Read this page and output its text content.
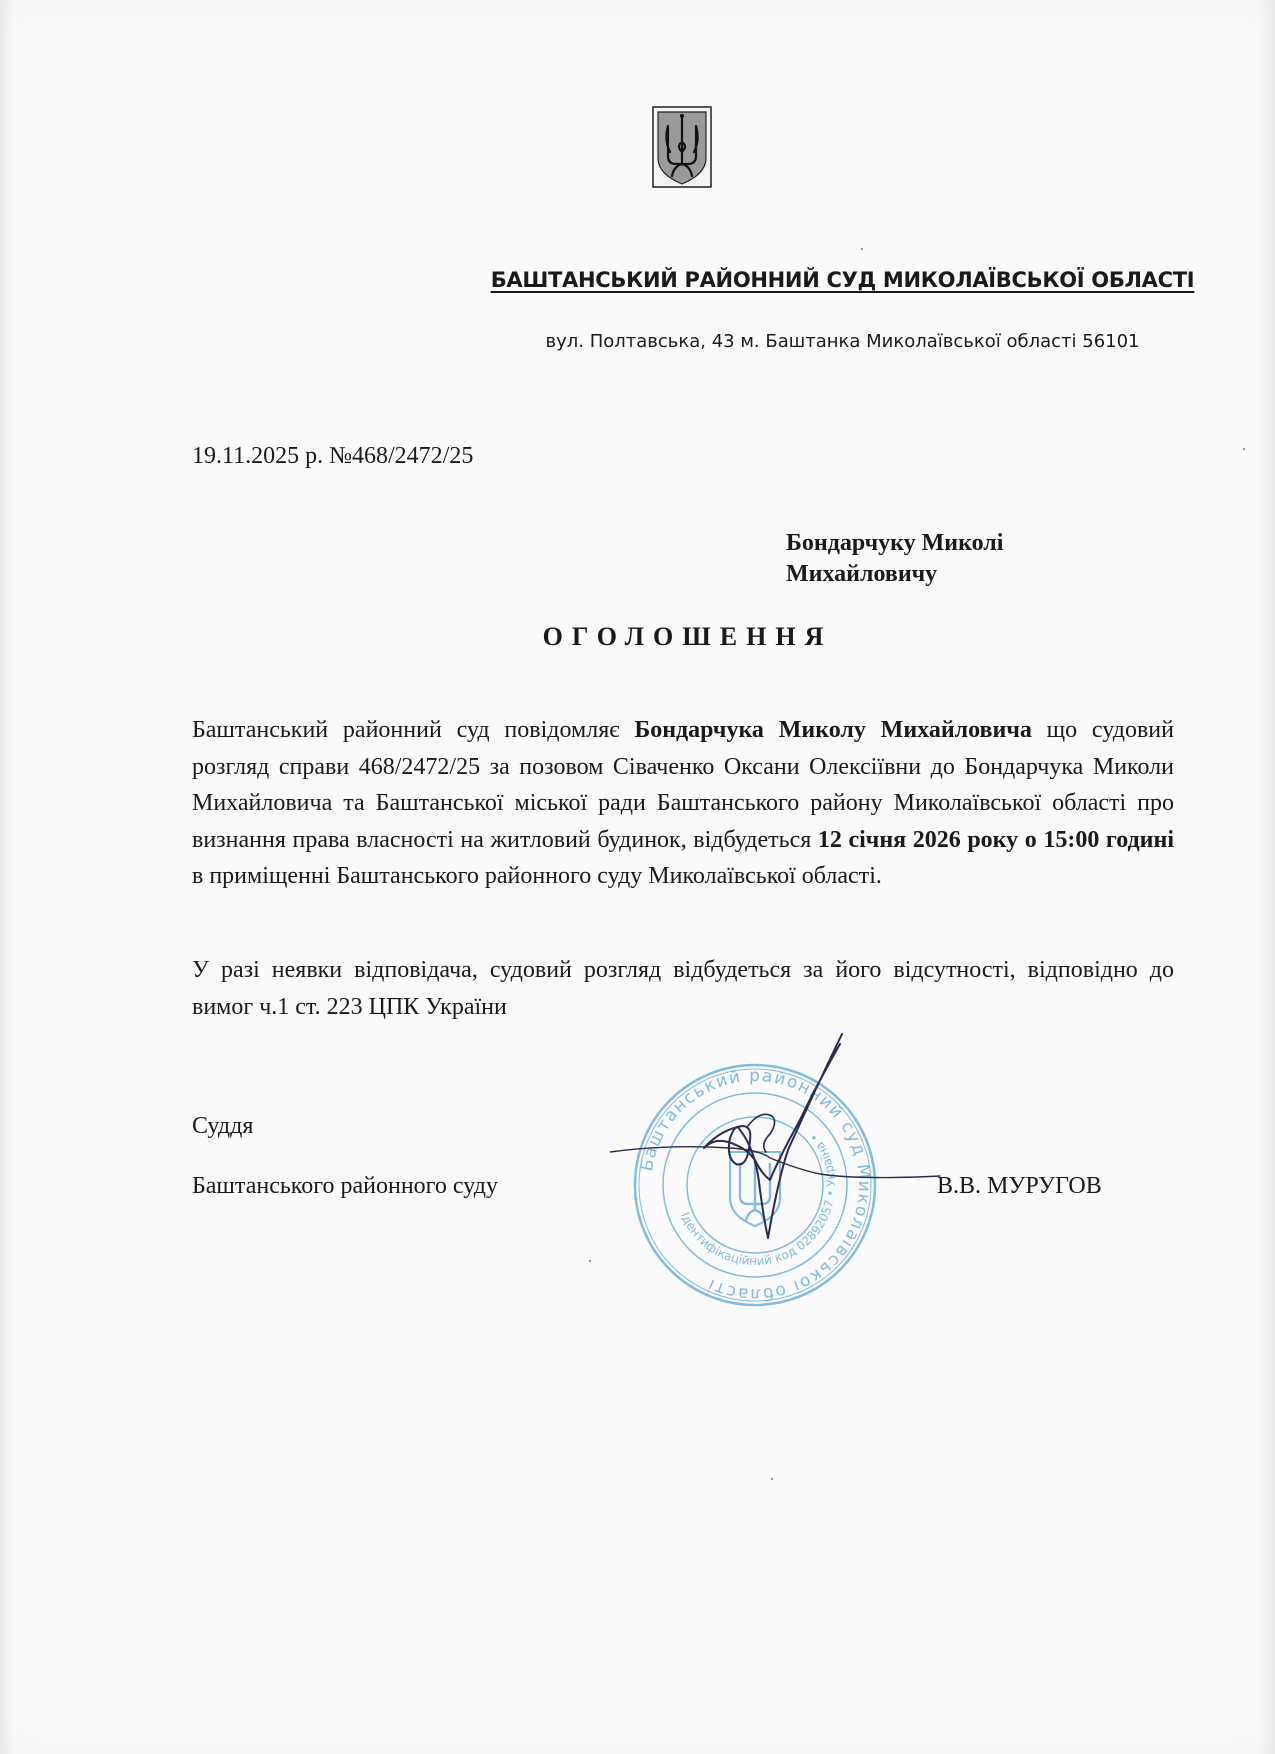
БАШТАНСЬКИЙ РАЙОННИЙ СУД МИКОЛАЇВСЬКОЇ ОБЛАСТІ
вул. Полтавська, 43 м. Баштанка Миколаївської області 56101
19.11.2025 р. №468/2472/25
Бондарчуку Миколі
Михайловичу
ОГОЛОШЕННЯ
Баштанський районний суд повідомляє Бондарчука Миколу Михайловича що судовий розгляд справи 468/2472/25 за позовом Сіваченко Оксани Олексіївни до Бондарчука Миколи Михайловича та Баштанської міської ради Баштанського району Миколаївської області про визнання права власності на житловий будинок, відбудеться 12 січня 2026 року о 15:00 годині в приміщенні Баштанського районного суду Миколаївської області.
У разі неявки відповідача, судовий розгляд відбудеться за його відсутності, відповідно до вимог ч.1 ст. 223 ЦПК України
Суддя
Баштанського районного суду	В.В. МУРУГОВ
Баштанський районний суд Миколаївської області
Ідентифікаційний код 02892057 • Україна •
